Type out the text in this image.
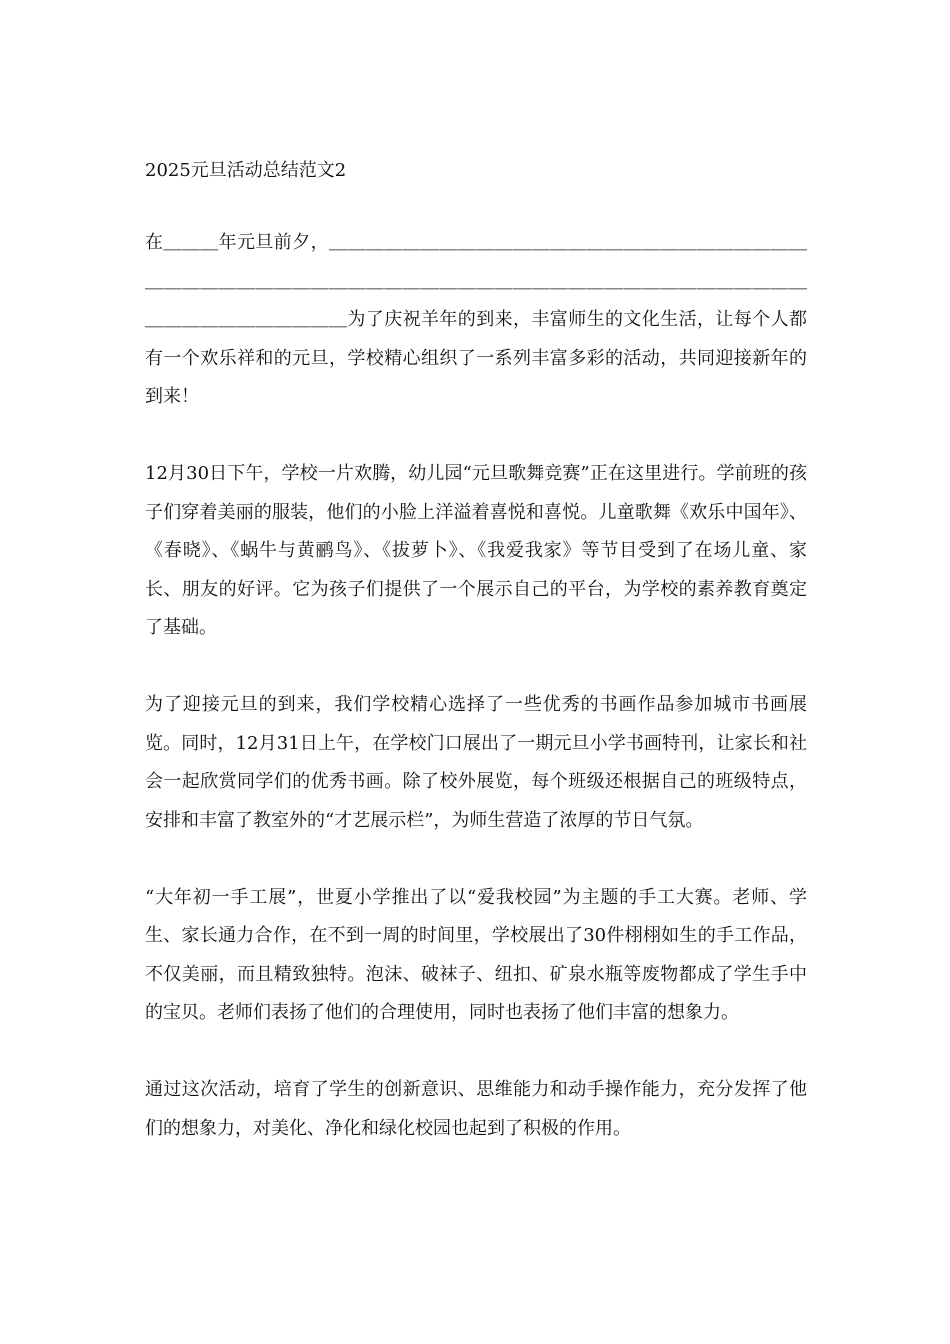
2025元旦活动总结范文2

在＿＿＿年元旦前夕，＿＿＿＿＿＿＿＿＿＿＿＿＿＿＿＿＿＿＿＿＿＿＿＿＿＿＿＿＿＿＿＿＿＿＿＿＿＿＿＿＿＿＿＿＿＿＿＿＿＿＿＿＿＿＿＿＿＿＿＿＿＿＿＿＿＿＿＿＿＿＿＿＿为了庆祝羊年的到来，丰富师生的文化生活，让每个人都有一个欢乐祥和的元旦，学校精心组织了一系列丰富多彩的活动，共同迎接新年的到来！

12月30日下午，学校一片欢腾，幼儿园“元旦歌舞竞赛”正在这里进行。学前班的孩子们穿着美丽的服装，他们的小脸上洋溢着喜悦和喜悦。儿童歌舞《欢乐中国年》、《春晓》、《蜗牛与黄鹂鸟》、《拔萝卜》、《我爱我家》等节目受到了在场儿童、家长、朋友的好评。它为孩子们提供了一个展示自己的平台，为学校的素养教育奠定了基础。

为了迎接元旦的到来，我们学校精心选择了一些优秀的书画作品参加城市书画展览。同时，12月31日上午，在学校门口展出了一期元旦小学书画特刊，让家长和社会一起欣赏同学们的优秀书画。除了校外展览，每个班级还根据自己的班级特点，安排和丰富了教室外的“才艺展示栏”，为师生营造了浓厚的节日气氛。

“大年初一手工展”，世夏小学推出了以“爱我校园”为主题的手工大赛。老师、学生、家长通力合作，在不到一周的时间里，学校展出了30件栩栩如生的手工作品，不仅美丽，而且精致独特。泡沫、破袜子、纽扣、矿泉水瓶等废物都成了学生手中的宝贝。老师们表扬了他们的合理使用，同时也表扬了他们丰富的想象力。

通过这次活动，培育了学生的创新意识、思维能力和动手操作能力，充分发挥了他们的想象力，对美化、净化和绿化校园也起到了积极的作用。
